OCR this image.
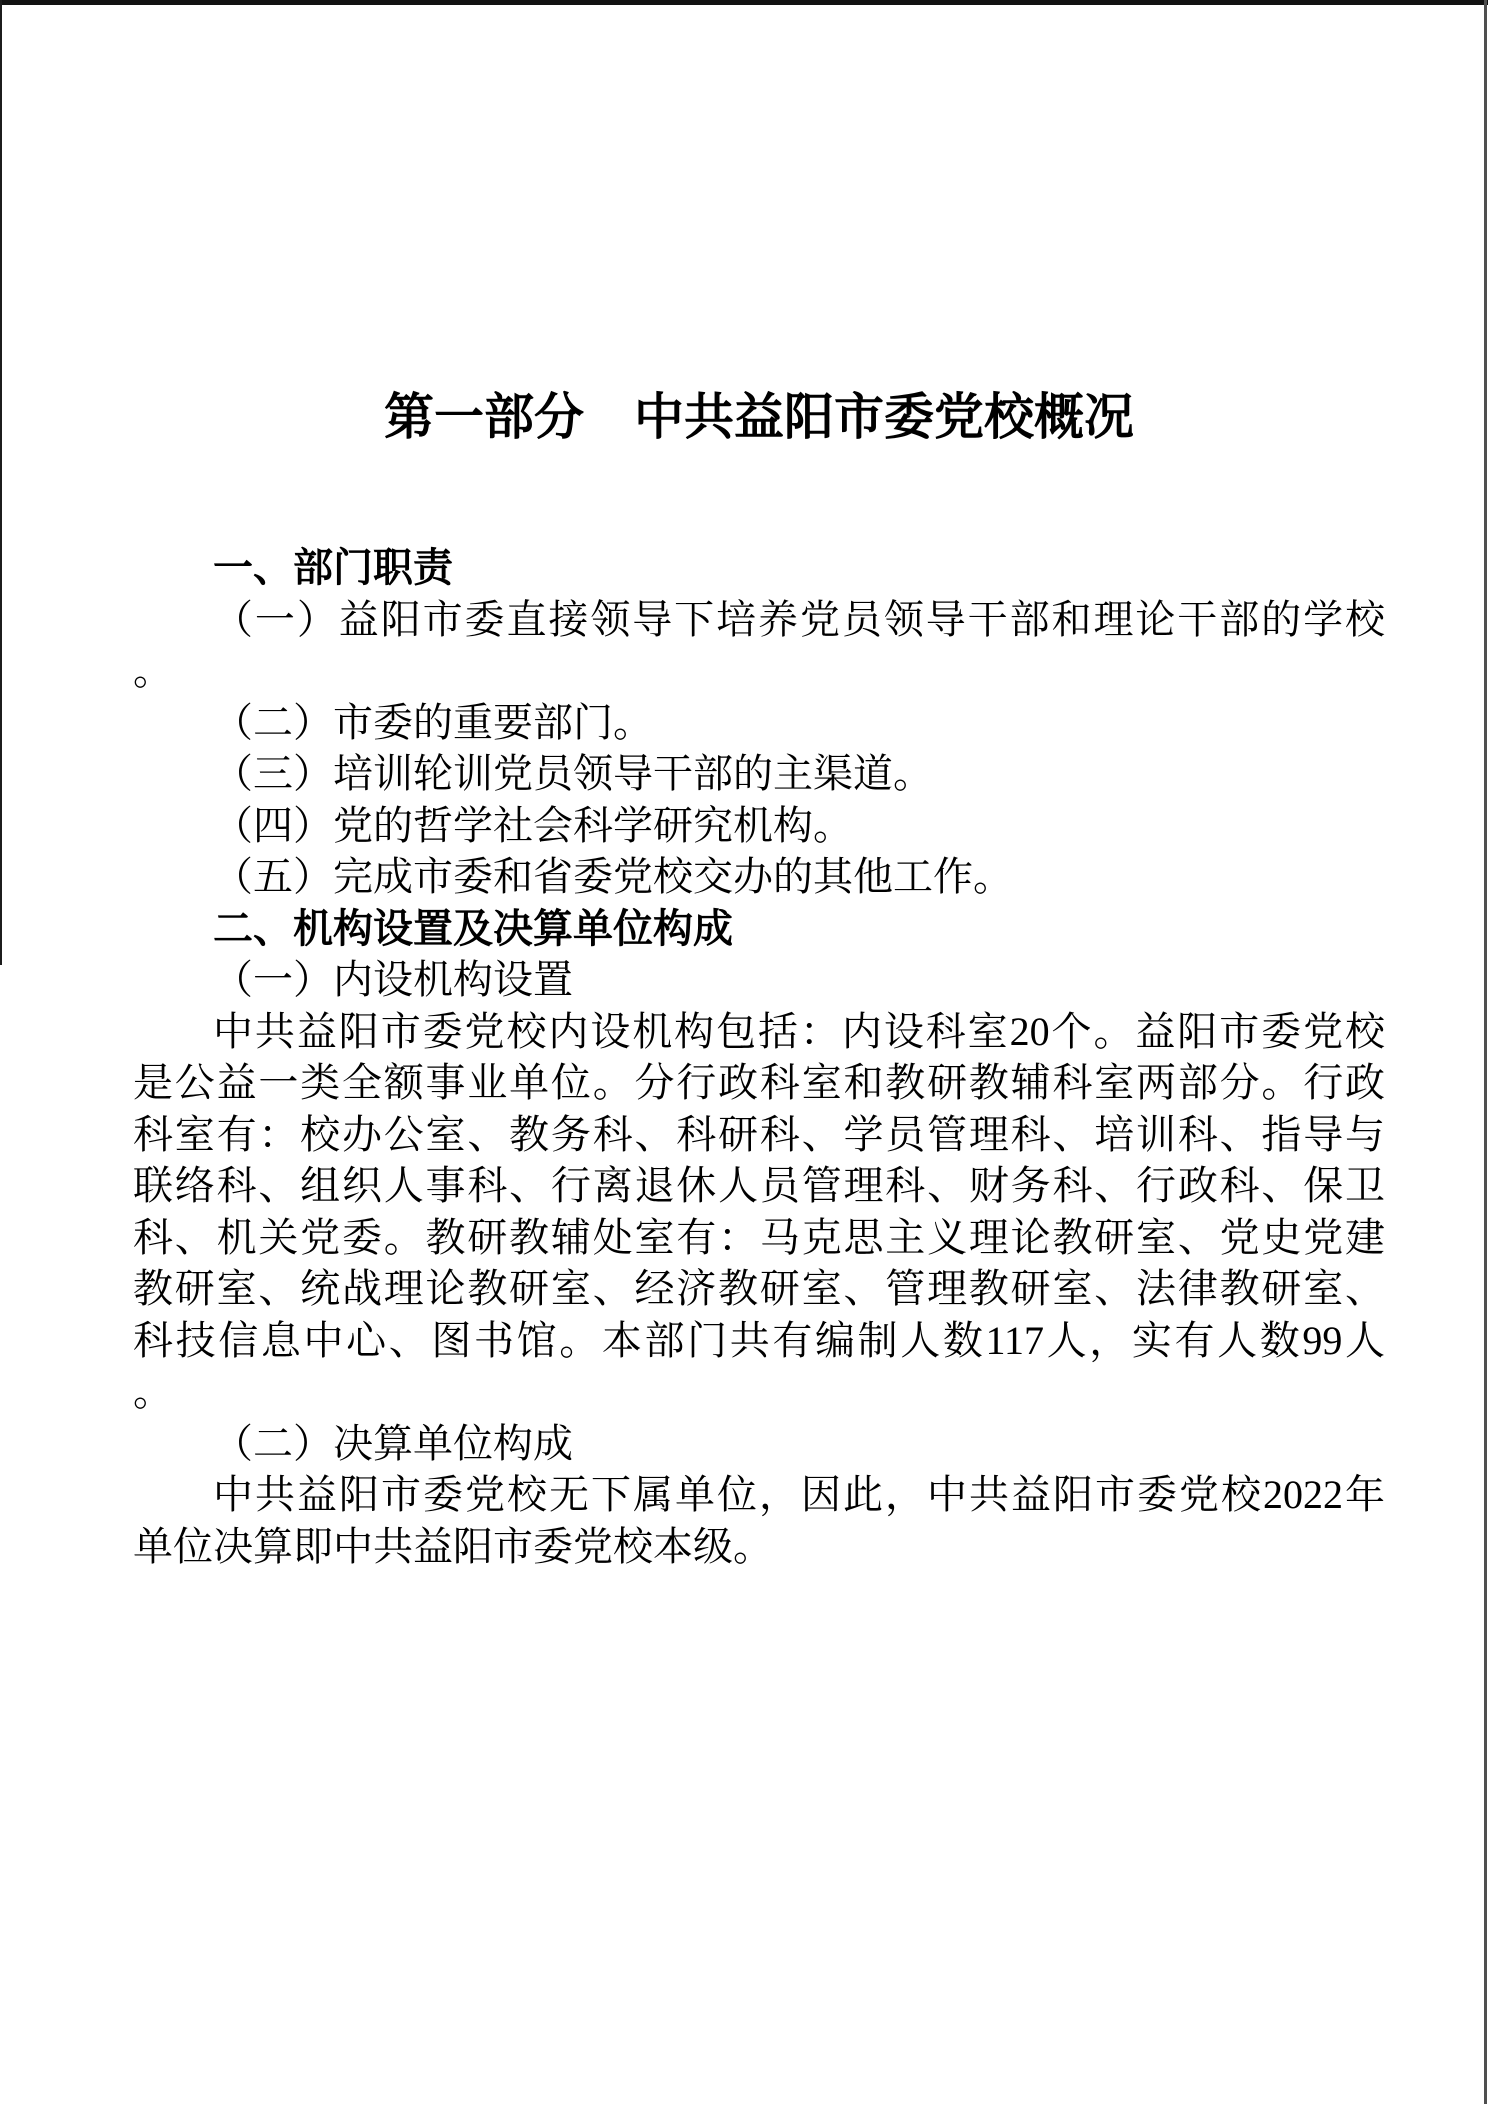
第一部分　中共益阳市委党校概况
一、部门职责
（一）益阳市委直接领导下培养党员领导干部和理论干部的学校
。
（二）市委的重要部门。
（三）培训轮训党员领导干部的主渠道。
（四）党的哲学社会科学研究机构。
（五）完成市委和省委党校交办的其他工作。
二、机构设置及决算单位构成
（一）内设机构设置
中共益阳市委党校内设机构包括：内设科室20个。益阳市委党校
是公益一类全额事业单位。分行政科室和教研教辅科室两部分。行政
科室有：校办公室、教务科、科研科、学员管理科、培训科、指导与
联络科、组织人事科、行离退休人员管理科、财务科、行政科、保卫
科、机关党委。教研教辅处室有：马克思主义理论教研室、党史党建
教研室、统战理论教研室、经济教研室、管理教研室、法律教研室、
科技信息中心、图书馆。本部门共有编制人数117人，实有人数99人
。
（二）决算单位构成
中共益阳市委党校无下属单位，因此，中共益阳市委党校2022年
单位决算即中共益阳市委党校本级。
